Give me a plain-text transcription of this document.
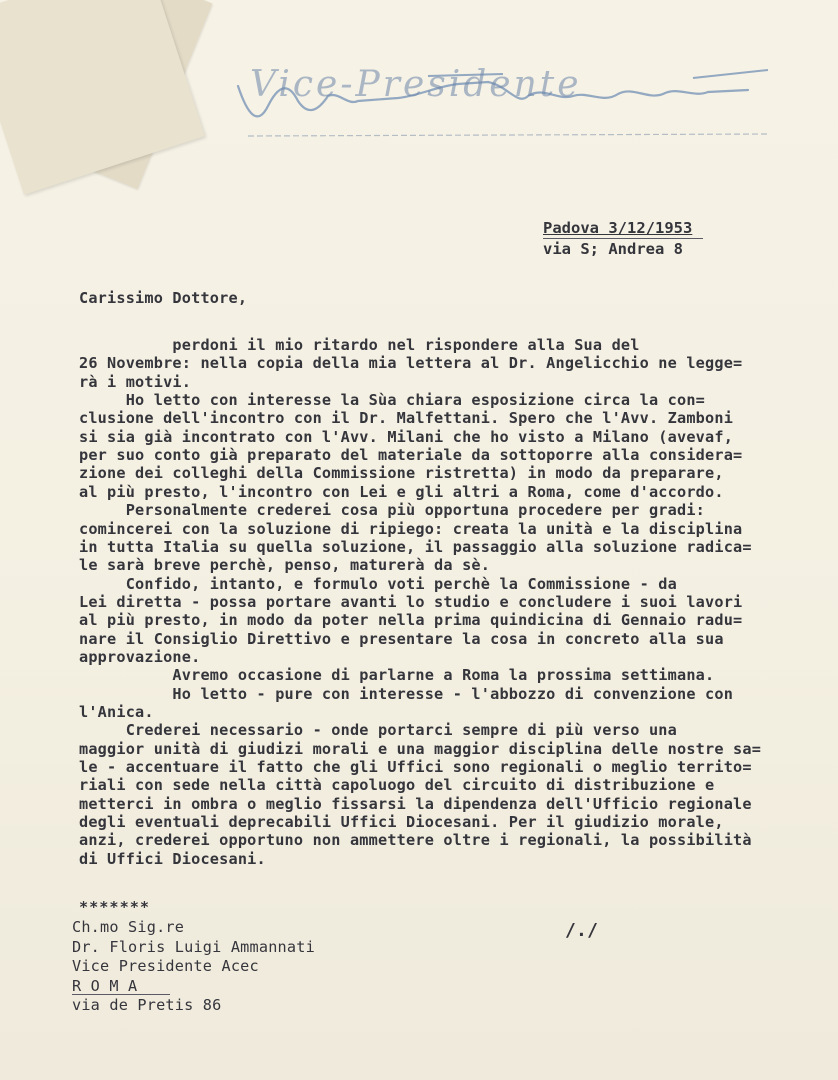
Vice-Presidente
Padova 3/12/1953
via S; Andrea 8
Carissimo Dottore,
perdoni il mio ritardo nel rispondere alla Sua del
26 Novembre: nella copia della mia lettera al Dr. Angelicchio ne legge=
rà i motivi.
Ho letto con interesse la Sùa chiara esposizione circa la con=
clusione dell'incontro con il Dr. Malfettani. Spero che l'Avv. Zamboni
si sia già incontrato con l'Avv. Milani che ho visto a Milano (avevaf,
per suo conto già preparato del materiale da sottoporre alla considera=
zione dei colleghi della Commissione ristretta) in modo da preparare,
al più presto, l'incontro con Lei e gli altri a Roma, come d'accordo.
Personalmente crederei cosa più opportuna procedere per gradi:
comincerei con la soluzione di ripiego: creata la unità e la disciplina
in tutta Italia su quella soluzione, il passaggio alla soluzione radica=
le sarà breve perchè, penso, maturerà da sè.
Confido, intanto, e formulo voti perchè la Commissione - da
Lei diretta - possa portare avanti lo studio e concludere i suoi lavori
al più presto, in modo da poter nella prima quindicina di Gennaio radu=
nare il Consiglio Direttivo e presentare la cosa in concreto alla sua
approvazione.
Avremo occasione di parlarne a Roma la prossima settimana.
Ho letto - pure con interesse - l'abbozzo di convenzione con
l'Anica.
Crederei necessario - onde portarci sempre di più verso una
maggior unità di giudizi morali e una maggior disciplina delle nostre sa=
le - accentuare il fatto che gli Uffici sono regionali o meglio territo=
riali con sede nella città capoluogo del circuito di distribuzione e
metterci in ombra o meglio fissarsi la dipendenza dell'Ufficio regionale
degli eventuali deprecabili Uffici Diocesani. Per il giudizio morale,
anzi, crederei opportuno non ammettere oltre i regionali, la possibilità
di Uffici Diocesani.
*******
/./
Ch.mo Sig.re
Dr. Floris Luigi Ammannati
Vice Presidente Acec
R O M A
via de Pretis 86
